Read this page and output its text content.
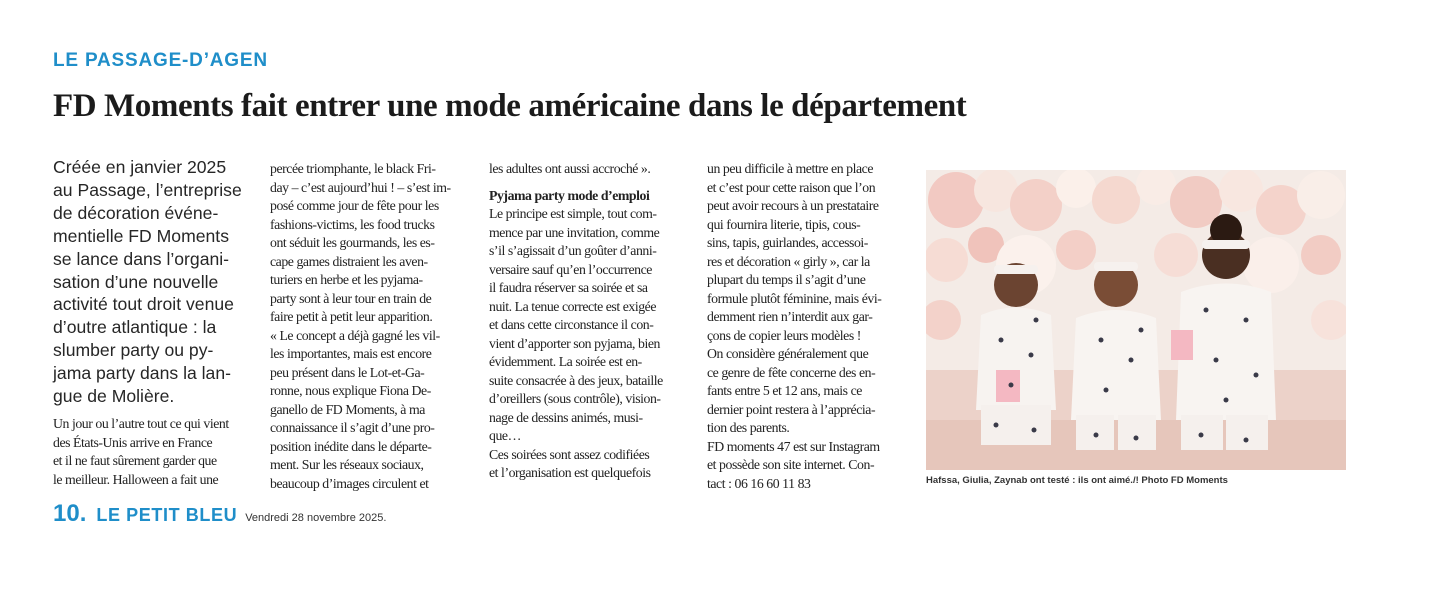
LE PASSAGE-D’AGEN
FD Moments fait entrer une mode américaine dans le département
Créée en janvier 2025
au Passage, l’entreprise
de décoration événe-
mentielle FD Moments
se lance dans l’organi-
sation d’une nouvelle
activité tout droit venue
d’outre atlantique : la
slumber party ou py-
jama party dans la lan-
gue de Molière.
Un jour ou l’autre tout ce qui vient
des États-Unis arrive en France
et il ne faut sûrement garder que
le meilleur. Halloween a fait une
percée triomphante, le black Fri-
day – c’est aujourd’hui ! – s’est im-
posé comme jour de fête pour les
fashions-victims, les food trucks
ont séduit les gourmands, les es-
cape games distraient les aven-
turiers en herbe et les pyjama-
party sont à leur tour en train de
faire petit à petit leur apparition.
« Le concept a déjà gagné les vil-
les importantes, mais est encore
peu présent dans le Lot-et-Ga-
ronne, nous explique Fiona De-
ganello de FD Moments, à ma
connaissance il s’agit d’une pro-
position inédite dans le départe-
ment. Sur les réseaux sociaux,
beaucoup d’images circulent et
les adultes ont aussi accroché ».
Pyjama party mode d’emploi
Le principe est simple, tout com-
mence par une invitation, comme
s’il s’agissait d’un goûter d’anni-
versaire sauf qu’en l’occurrence
il faudra réserver sa soirée et sa
nuit. La tenue correcte est exigée
et dans cette circonstance il con-
vient d’apporter son pyjama, bien
évidemment. La soirée est en-
suite consacrée à des jeux, bataille
d’oreillers (sous contrôle), vision-
nage de dessins animés, musi-
que…
Ces soirées sont assez codifiées
et l’organisation est quelquefois
un peu difficile à mettre en place
et c’est pour cette raison que l’on
peut avoir recours à un prestataire
qui fournira literie, tipis, cous-
sins, tapis, guirlandes, accessoi-
res et décoration « girly », car la
plupart du temps il s’agit d’une
formule plutôt féminine, mais évi-
demment rien n’interdit aux gar-
çons de copier leurs modèles !
On considère généralement que
ce genre de fête concerne des en-
fants entre 5 et 12 ans, mais ce
dernier point restera à l’apprécia-
tion des parents.
FD moments 47 est sur Instagram
et possède son site internet. Con-
tact : 06 16 60 11 83	Hafssa, Giulia, Zaynab ont testé : ils ont aimé./! Photo FD Moments
10. LE PETIT BLEU Vendredi 28 novembre 2025.
